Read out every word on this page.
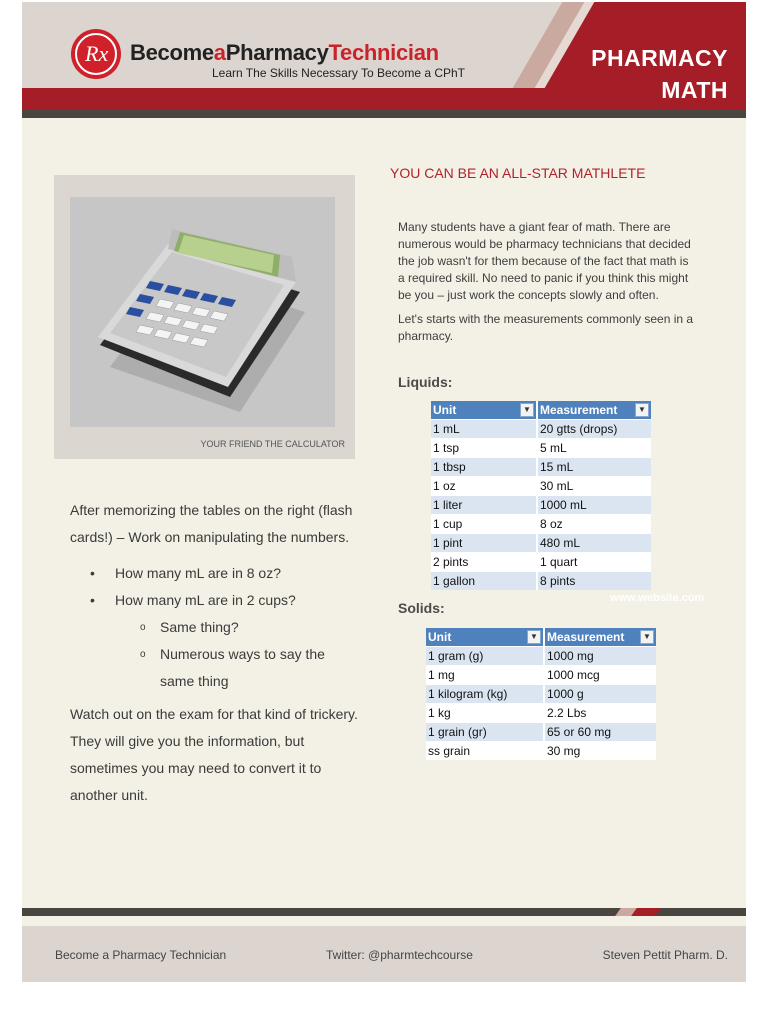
Rx BecomeaPharmacyTechnician
Learn The Skills Necessary To Become a CPhT
PHARMACY
MATH
YOUR FRIEND THE CALCULATOR

After memorizing the tables on the right (flash cards!) – Work on manipulating the numbers.

• How many mL are in 8 oz?
• How many mL are in 2 cups?
o Same thing?
o Numerous ways to say the same thing

Watch out on the exam for that kind of trickery. They will give you the information, but sometimes you may need to convert it to another unit.

YOU CAN BE AN ALL-STAR MATHLETE

Many students have a giant fear of math. There are numerous would be pharmacy technicians that decided the job wasn't for them because of the fact that math is a required skill. No need to panic if you think this might be you – just work the concepts slowly and often.

Let's starts with the measurements commonly seen in a pharmacy.

Liquids:
Unit ▼	Measurement ▼

1 mL	20 gtts (drops)
1 tsp	5 mL
1 tbsp	15 mL
1 oz	30 mL
1 liter	1000 mL
1 cup	8 oz
1 pint	480 mL
2 pints	1 quart
1 gallon	8 pints
Solids:
www.website.com
Unit ▼	Measurement ▼

1 gram (g)	1000 mg
1 mg	1000 mcg
1 kilogram (kg)	1000 g
1 kg	2.2 Lbs
1 grain (gr)	65 or 60 mg
ss grain	30 mg
Become a Pharmacy Technician	Twitter: @pharmtechcourse	Steven Pettit Pharm. D.
